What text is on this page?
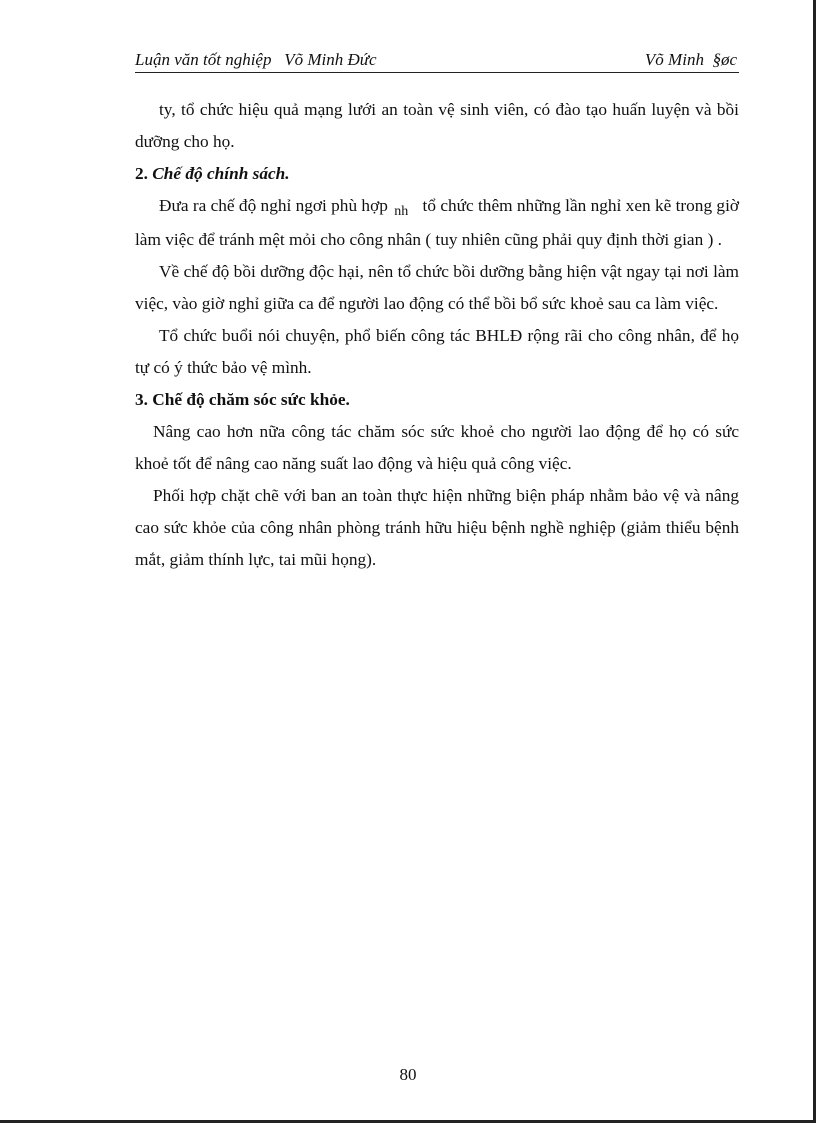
Luận văn tốt nghiệp   Võ Minh Đức	Võ Minh  §øc

ty, tổ chức hiệu quả mạng lưới an toàn vệ sinh viên, có đào tạo huấn luyện và bồi dưỡng cho họ.

2. Chế độ chính sách.

Đưa ra chế độ nghỉ ngơi phù hợp $_{nh}$ tổ chức thêm những lần nghỉ xen kẽ trong giờ làm việc để tránh mệt mỏi cho công nhân ( tuy nhiên cũng phải quy định thời gian ) .

Về chế độ bồi dưỡng độc hại, nên tổ chức bồi dưỡng bằng hiện vật ngay tại nơi làm việc, vào giờ nghỉ giữa ca để người lao động có thể bồi bổ sức khoẻ sau ca làm việc.

Tổ chức buổi nói chuyện, phổ biến công tác BHLĐ rộng rãi cho công nhân, để họ tự có ý thức bảo vệ mình.

3. Chế độ chăm sóc sức khỏe.

Nâng cao hơn nữa công tác chăm sóc sức khoẻ cho người lao động để họ có sức khoẻ tốt để nâng cao năng suất lao động và hiệu quả công việc.

Phối hợp chặt chẽ với ban an toàn thực hiện những biện pháp nhằm bảo vệ và nâng cao sức khỏe của công nhân phòng tránh hữu hiệu bệnh nghề nghiệp (giảm thiểu bệnh mắt, giảm thính lực, tai mũi họng).

80
